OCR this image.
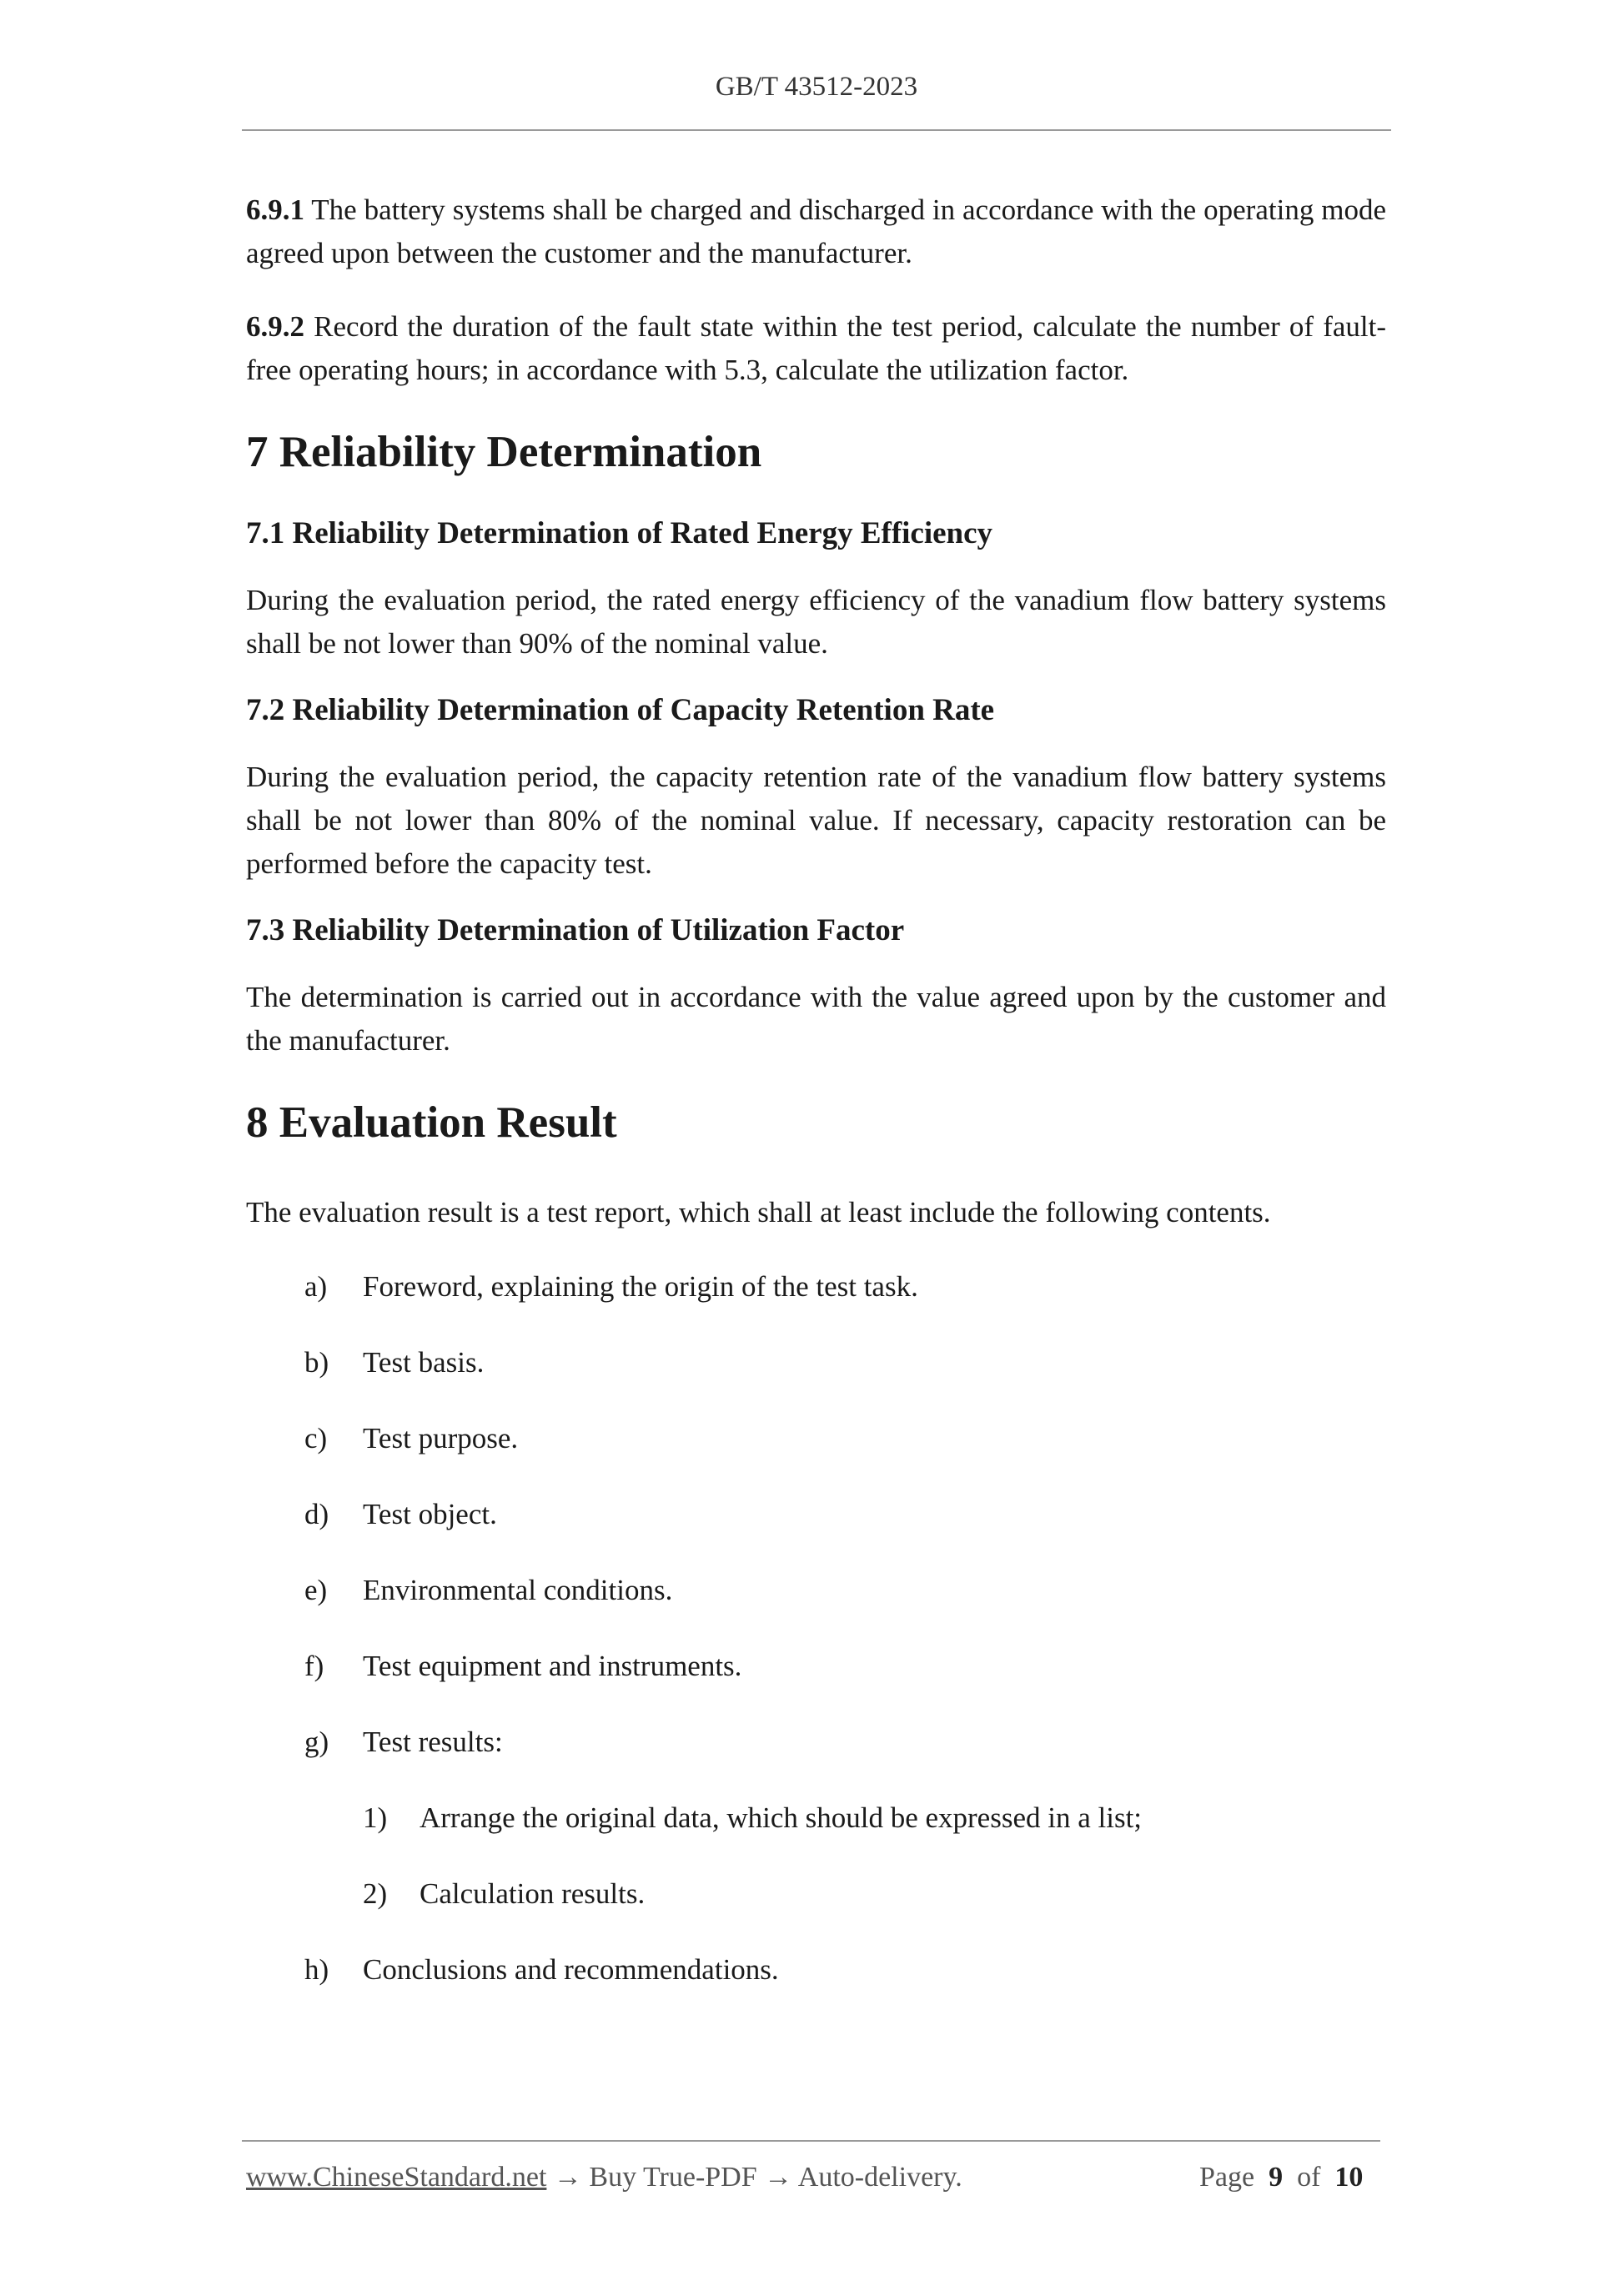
GB/T 43512-2023

6.9.1 The battery systems shall be charged and discharged in accordance with the operating mode agreed upon between the customer and the manufacturer.

6.9.2 Record the duration of the fault state within the test period, calculate the number of fault-free operating hours; in accordance with 5.3, calculate the utilization factor.

7 Reliability Determination
7.1 Reliability Determination of Rated Energy Efficiency

During the evaluation period, the rated energy efficiency of the vanadium flow battery systems shall be not lower than 90% of the nominal value.

7.2 Reliability Determination of Capacity Retention Rate

During the evaluation period, the capacity retention rate of the vanadium flow battery systems shall be not lower than 80% of the nominal value. If necessary, capacity restoration can be performed before the capacity test.

7.3 Reliability Determination of Utilization Factor

The determination is carried out in accordance with the value agreed upon by the customer and the manufacturer.

8 Evaluation Result

The evaluation result is a test report, which shall at least include the following contents.

a) Foreword, explaining the origin of the test task.
b) Test basis.
c) Test purpose.
d) Test object.
e) Environmental conditions.
f) Test equipment and instruments.
g) Test results:
1) Arrange the original data, which should be expressed in a list;
2) Calculation results.
h) Conclusions and recommendations.
www.ChineseStandard.net → Buy True-PDF → Auto-delivery.	Page 9 of 10
